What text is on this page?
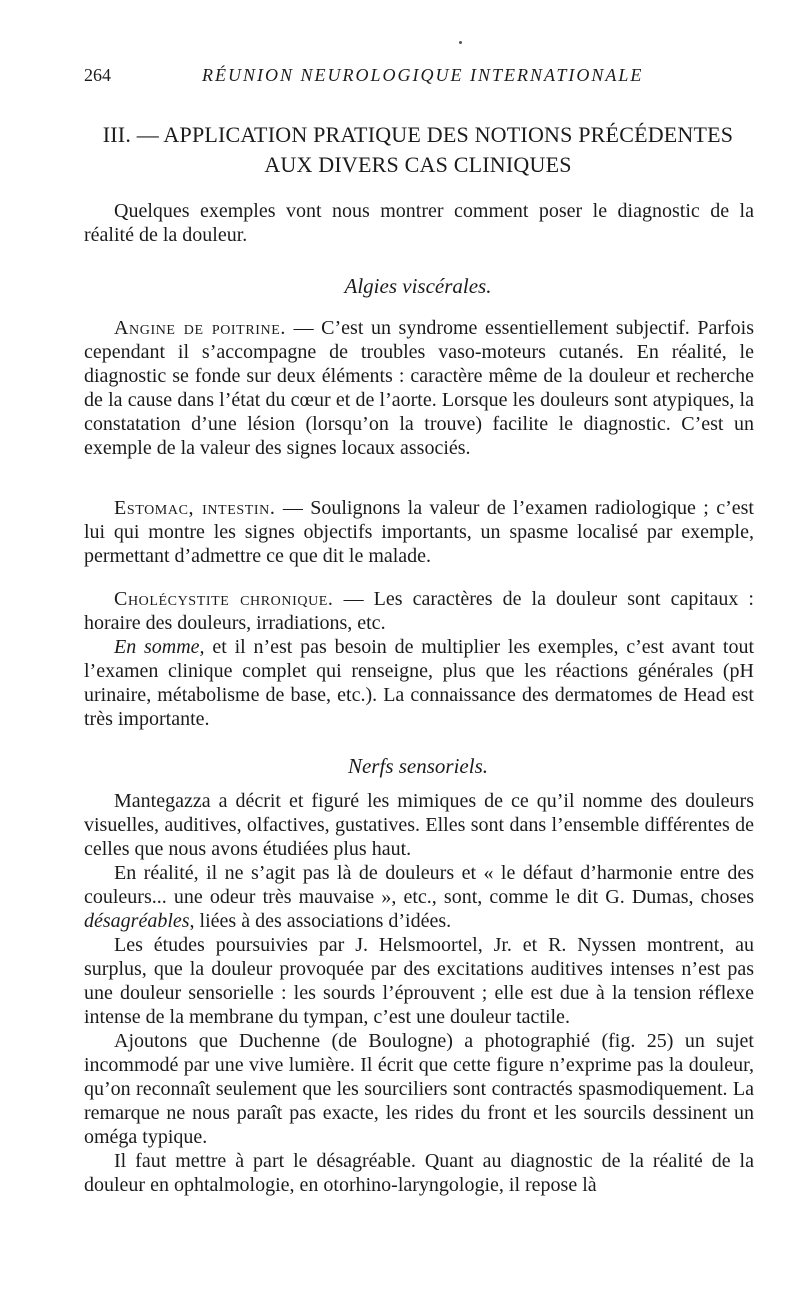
264	RÉUNION NEUROLOGIQUE INTERNATIONALE
III. — APPLICATION PRATIQUE DES NOTIONS PRÉCÉDENTES
AUX DIVERS CAS CLINIQUES

Quelques exemples vont nous montrer comment poser le diagnostic de la réalité de la douleur.

Algies viscérales.

Angine de poitrine. — C’est un syndrome essentiellement subjectif. Parfois cependant il s’accompagne de troubles vaso-moteurs cutanés. En réalité, le diagnostic se fonde sur deux éléments : caractère même de la douleur et recherche de la cause dans l’état du cœur et de l’aorte. Lorsque les douleurs sont atypiques, la constatation d’une lésion (lorsqu’on la trouve) facilite le diagnostic. C’est un exemple de la valeur des signes locaux associés.

Estomac, intestin. — Soulignons la valeur de l’examen radiologique ; c’est lui qui montre les signes objectifs importants, un spasme localisé par exemple, permettant d’admettre ce que dit le malade.

Cholécystite chronique. — Les caractères de la douleur sont capitaux : horaire des douleurs, irradiations, etc.

En somme, et il n’est pas besoin de multiplier les exemples, c’est avant tout l’examen clinique complet qui renseigne, plus que les réactions générales (pH urinaire, métabolisme de base, etc.). La connaissance des dermatomes de Head est très importante.

Nerfs sensoriels.

Mantegazza a décrit et figuré les mimiques de ce qu’il nomme des douleurs visuelles, auditives, olfactives, gustatives. Elles sont dans l’ensemble différentes de celles que nous avons étudiées plus haut.

En réalité, il ne s’agit pas là de douleurs et « le défaut d’harmonie entre des couleurs... une odeur très mauvaise », etc., sont, comme le dit G. Dumas, choses désagréables, liées à des associations d’idées.

Les études poursuivies par J. Helsmoortel, Jr. et R. Nyssen montrent, au surplus, que la douleur provoquée par des excitations auditives intenses n’est pas une douleur sensorielle : les sourds l’éprouvent ; elle est due à la tension réflexe intense de la membrane du tympan, c’est une douleur tactile.

Ajoutons que Duchenne (de Boulogne) a photographié (fig. 25) un sujet incommodé par une vive lumière. Il écrit que cette figure n’exprime pas la douleur, qu’on reconnaît seulement que les sourciliers sont contractés spasmodiquement. La remarque ne nous paraît pas exacte, les rides du front et les sourcils dessinent un oméga typique.

Il faut mettre à part le désagréable. Quant au diagnostic de la réalité de la douleur en ophtalmologie, en otorhino-laryngologie, il repose là
